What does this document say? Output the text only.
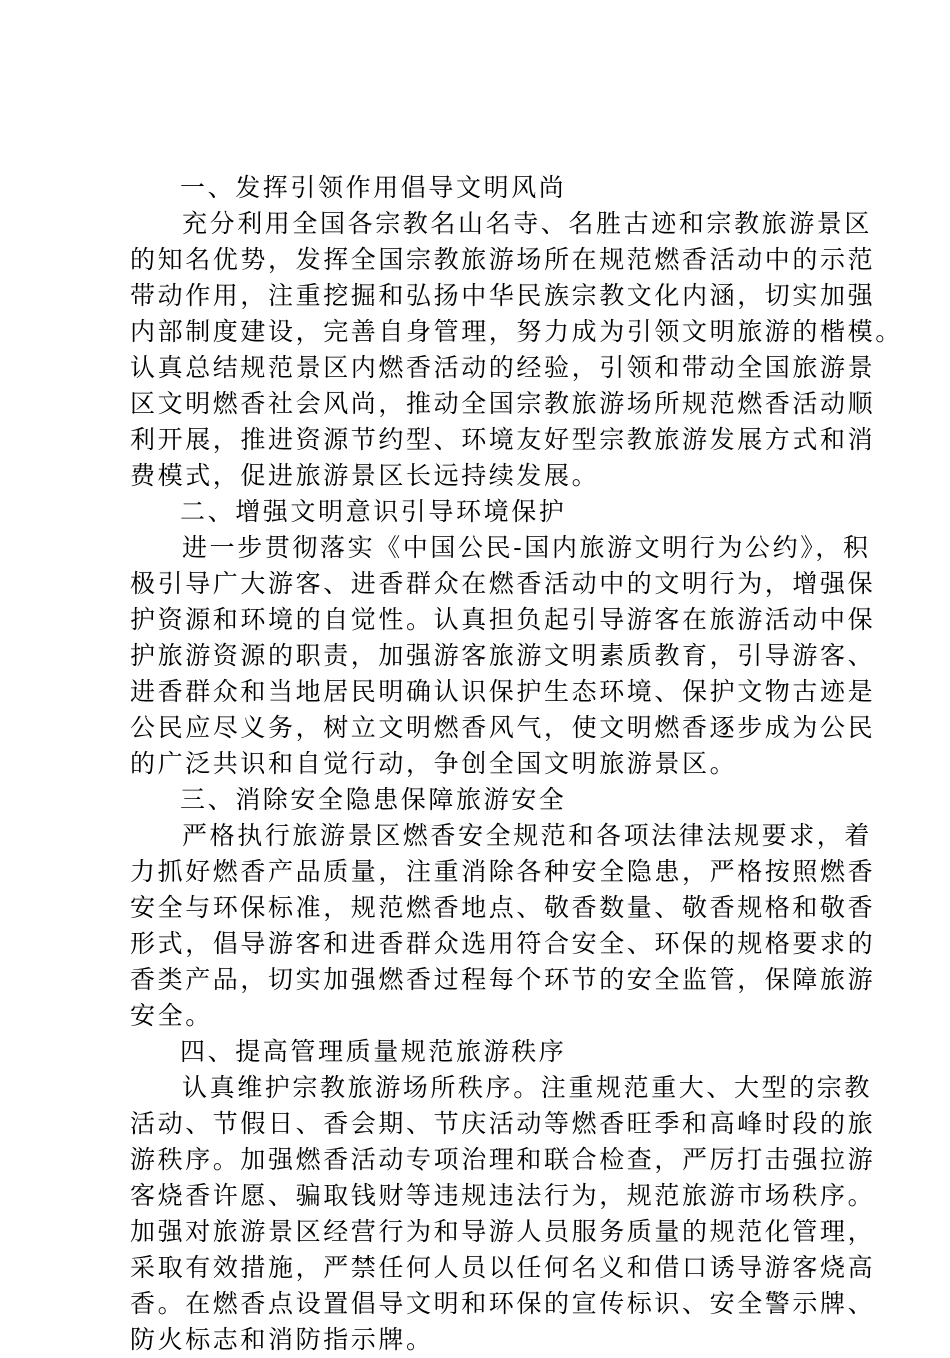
一、发挥引领作用倡导文明风尚
充分利用全国各宗教名山名寺、名胜古迹和宗教旅游景区
的知名优势，发挥全国宗教旅游场所在规范燃香活动中的示范
带动作用，注重挖掘和弘扬中华民族宗教文化内涵，切实加强
内部制度建设，完善自身管理，努力成为引领文明旅游的楷模。
认真总结规范景区内燃香活动的经验，引领和带动全国旅游景
区文明燃香社会风尚，推动全国宗教旅游场所规范燃香活动顺
利开展，推进资源节约型、环境友好型宗教旅游发展方式和消
费模式，促进旅游景区长远持续发展。
二、增强文明意识引导环境保护
进一步贯彻落实《中国公民-国内旅游文明行为公约》，积
极引导广大游客、进香群众在燃香活动中的文明行为，增强保
护资源和环境的自觉性。认真担负起引导游客在旅游活动中保
护旅游资源的职责，加强游客旅游文明素质教育，引导游客、
进香群众和当地居民明确认识保护生态环境、保护文物古迹是
公民应尽义务，树立文明燃香风气，使文明燃香逐步成为公民
的广泛共识和自觉行动，争创全国文明旅游景区。
三、消除安全隐患保障旅游安全
严格执行旅游景区燃香安全规范和各项法律法规要求，着
力抓好燃香产品质量，注重消除各种安全隐患，严格按照燃香
安全与环保标准，规范燃香地点、敬香数量、敬香规格和敬香
形式，倡导游客和进香群众选用符合安全、环保的规格要求的
香类产品，切实加强燃香过程每个环节的安全监管，保障旅游
安全。
四、提高管理质量规范旅游秩序
认真维护宗教旅游场所秩序。注重规范重大、大型的宗教
活动、节假日、香会期、节庆活动等燃香旺季和高峰时段的旅
游秩序。加强燃香活动专项治理和联合检查，严厉打击强拉游
客烧香许愿、骗取钱财等违规违法行为，规范旅游市场秩序。
加强对旅游景区经营行为和导游人员服务质量的规范化管理，
采取有效措施，严禁任何人员以任何名义和借口诱导游客烧高
香。在燃香点设置倡导文明和环保的宣传标识、安全警示牌、
防火标志和消防指示牌。
